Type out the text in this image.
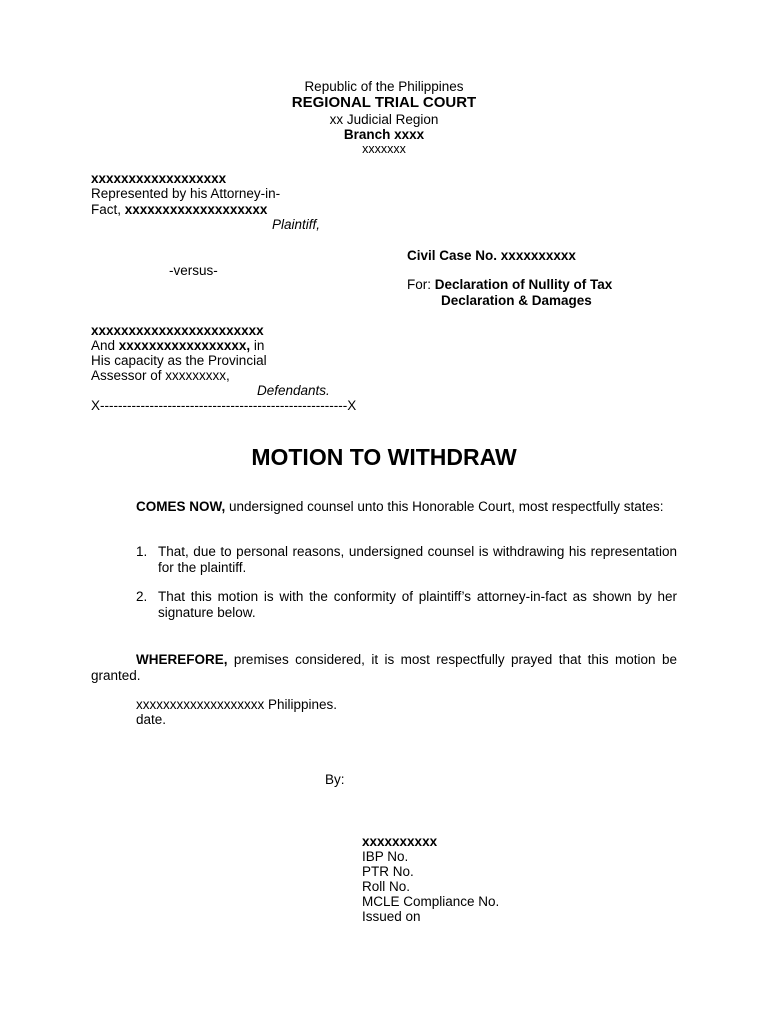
Republic of the Philippines
REGIONAL TRIAL COURT
xx Judicial Region
Branch xxxx
xxxxxxx
xxxxxxxxxxxxxxxxxx
Represented by his Attorney-in-
Fact, xxxxxxxxxxxxxxxxxxx
Plaintiff,
Civil Case No. xxxxxxxxxx
-versus-
For: Declaration of Nullity of Tax
Declaration & Damages
xxxxxxxxxxxxxxxxxxxxxxx
And xxxxxxxxxxxxxxxxx, in
His capacity as the Provincial
Assessor of xxxxxxxxx,
Defendants.
X-------------------------------------------------------X
MOTION TO WITHDRAW
COMES NOW, undersigned counsel unto this Honorable Court, most respectfully states:
1. That, due to personal reasons, undersigned counsel is withdrawing his representation for the plaintiff.
2. That this motion is with the conformity of plaintiff’s attorney-in-fact as shown by her signature below.
WHEREFORE, premises considered, it is most respectfully prayed that this motion be granted.
xxxxxxxxxxxxxxxxxxx Philippines.
date.
By:
xxxxxxxxxx
IBP No.
PTR No.
Roll No.
MCLE Compliance No.
Issued on
